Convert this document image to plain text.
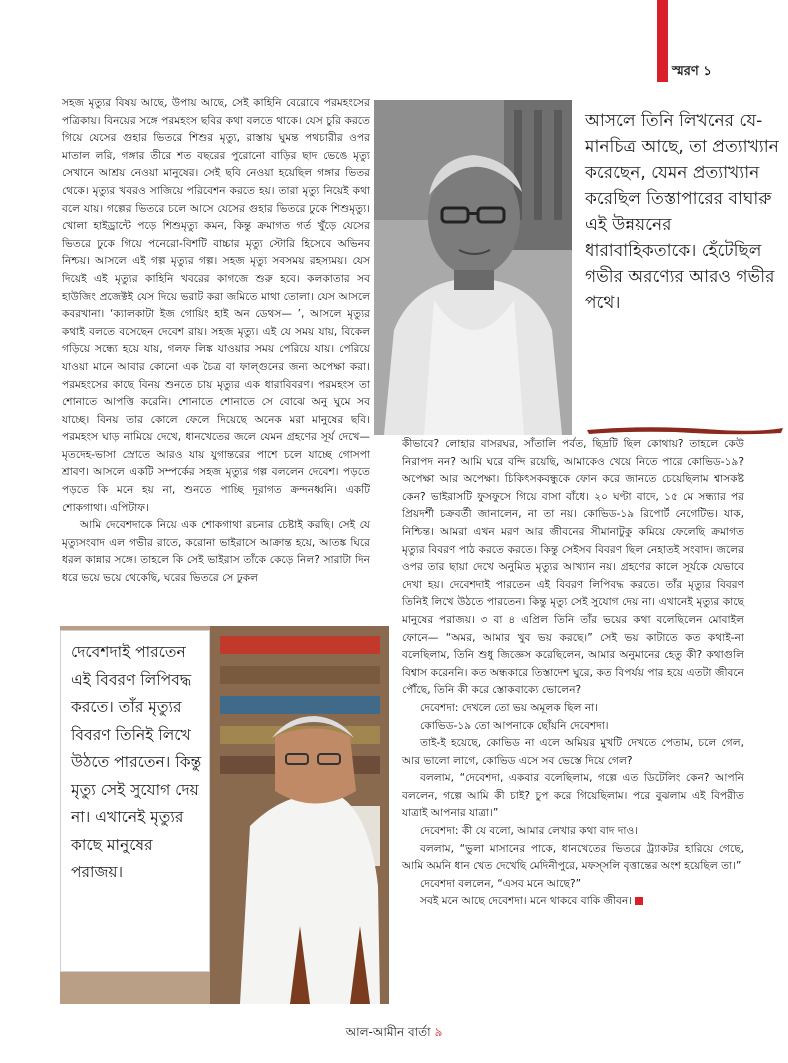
স্মরণ ১

আসলে তিনি লিখনের যে-মানচিত্র আছে, তা প্রত্যাখ্যান করেছেন, যেমন প্রত্যাখ্যান করেছিল তিস্তাপারের বাঘারু এই উন্নয়নের ধারাবাহিকতাকে। হেঁটেছিল গভীর অরণ্যের আরও গভীর পথে।

সহজ মৃত্যুর বিষয় আছে, উপায় আছে, সেই কাহিনি বেরোবে পরমহংসের পত্রিকায়। বিনয়ের সঙ্গে পরমহংস ছবির কথা বলতে থাকে। যেস চুরি করতে গিয়ে যেসের গুহার ভিতরে শিশুর মৃত্যু, রাস্তায় ঘুমন্ত পথচারীর ওপর মাতাল লরি, গঙ্গার তীরে শত বছরের পুরোনো বাড়ির ছাদ ভেঙে মৃত্যু সেখানে আশ্রয় নেওয়া মানুষের। সেই ছবি নেওয়া হয়েছিল গঙ্গার ভিতর থেকে। মৃত্যুর খবরও সাজিয়ে পরিবেশন করতে হয়। তারা মৃত্যু নিয়েই কথা বলে যায়। গল্পের ভিতরে চলে আসে যেসের গুহার ভিতরে ঢুকে শিশুমৃত্যু। খোলা হাইড্রান্টে পড়ে শিশুমৃত্যু কমন, কিন্তু ক্রমাগত গর্ত খুঁড়ে যেসের ভিতরে ঢুকে গিয়ে পনেরো-বিশটি বাচ্চার মৃত্যু স্টোরি হিসেবে অভিনব নিশ্চয়। আসলে এই গল্প মৃত্যুর গল্প। সহজ মৃত্যু সবসময় রহস্যময়। যেস দিয়েই এই মৃত্যুর কাহিনি খবরের কাগজে শুরু হবে। কলকাতার সব হাউজিং প্রজেক্টই যেস দিয়ে ভরাট করা জমিতে মাথা তোলা। যেস আসলে কবরখানা। ‘ক্যালকাটা ইজ গোয়িং হাই অন ডেথস— ’, আসলে মৃত্যুর কথাই বলতে বসেছেন দেবেশ রায়। সহজ মৃত্যু। এই যে সময় যায়, বিকেল গড়িয়ে সন্ধ্যে হয়ে যায়, গলফ লিঙ্ক যাওয়ার সময় পেরিয়ে যায়। পেরিয়ে যাওয়া মানে আবার কোনো এক চৈত্র বা ফাল্গুনের জন্য অপেক্ষা করা। পরমহংসের কাছে বিনয় শুনতে চায় মৃত্যুর এক ধারাবিবরণ। পরমহংস তা শোনাতে আপত্তি করেনি। শোনাতে শোনাতে সে বোঝে অনু ঘুমে সব যাচ্ছে। বিনয় তার কোলে ফেলে দিয়েছে অনেক মরা মানুষের ছবি। পরমহংস ঘাড় নামিয়ে দেখে, ধানখেতের জলে যেমন গ্রহণের সূর্য দেখে— মৃতদেহ-ভাসা স্রোতে আরও যায় যুগান্তরের পাশে চলে যাচ্ছে গোসপা শ্রাবণ। আসলে একটি সম্পর্কের সহজ মৃত্যুর গল্প বললেন দেবেশ। পড়তে পড়তে কি মনে হয় না, শুনতে পাচ্ছি দূরাগত ক্রন্দনধ্বনি। একটি শোকগাথা। এপিটাফ।

আমি দেবেশদাকে নিয়ে এক শোকগাথা রচনার চেষ্টাই করছি। সেই যে মৃত্যুসংবাদ এল গভীর রাতে, করোনা ভাইরাসে আক্রান্ত হয়ে, আতঙ্ক ঘিরে ধরল কান্নার সঙ্গে। তাহলে কি সেই ভাইরাস তাঁকে কেড়ে নিল? সারাটা দিন ধরে ভয়ে ভয়ে থেকেছি, ঘরের ভিতরে সে ঢুকল

কীভাবে? লোহার বাসরঘর, সাঁতালি পর্বত, ছিদ্রটি ছিল কোথায়? তাহলে কেউ নিরাপদ নন? আমি ঘরে বন্দি রয়েছি, আমাকেও খেয়ে নিতে পারে কোভিড-১৯? অপেক্ষা আর অপেক্ষা। চিকিৎসকবন্ধুকে ফোন করে জানতে চেয়েছিলাম শ্বাসকষ্ট কেন? ভাইরাসটি ফুসফুসে গিয়ে বাসা বাঁধে। ২০ ঘণ্টা বাদে, ১৫ মে সন্ধ্যার পর প্রিয়দর্শী চক্রবর্তী জানালেন, না তা নয়। কোভিড-১৯ রিপোর্ট নেগেটিভ। যাক, নিশ্চিন্ত। আমরা এখন মরণ আর জীবনের সীমানাটুকু কমিয়ে ফেলেছি ক্রমাগত মৃত্যুর বিবরণ পাঠ করতে করতে। কিন্তু সেইসব বিবরণ ছিল নেহাতই সংবাদ। জলের ওপর তার ছায়া দেখে অনুমিত মৃত্যুর আখ্যান নয়। গ্রহণের কালে সূর্যকে যেভাবে দেখা হয়। দেবেশদাই পারতেন এই বিবরণ লিপিবদ্ধ করতে। তাঁর মৃত্যুর বিবরণ তিনিই লিখে উঠতে পারতেন। কিন্তু মৃত্যু সেই সুযোগ দেয় না। এখানেই মৃত্যুর কাছে মানুষের পরাজয়। ৩ বা ৪ এপ্রিল তিনি তাঁর ভয়ের কথা বলেছিলেন মোবাইল ফোনে— “অমর, আমার খুব ভয় করছে।” সেই ভয় কাটাতে কত কথাই-না বলেছিলাম, তিনি শুধু জিজ্ঞেস করেছিলেন, আমার অনুমানের হেতু কী? কথাগুলি বিশ্বাস করেননি। কত অন্ধকারে তিস্তাদেশ ঘুরে, কত বিপর্যয় পার হয়ে এতটা জীবনে পৌঁছে, তিনি কী করে স্তোকবাক্যে ভোলেন?

দেবেশদা: দেখলে তো ভয় অমূলক ছিল না।

কোভিড-১৯ তো আপনাকে ছোঁয়নি দেবেশদা।

তাই-ই হয়েছে, কোভিড না এলে অমিয়র মুখটি দেখতে পেতাম, চলে গেল, আর ভালো লাগে, কোভিড এসে সব ভেস্তে দিয়ে গেল?

বললাম, “দেবেশদা, একবার বলেছিলাম, গল্পে এত ডিটেলিং কেন? আপনি বললেন, গল্পে আমি কী চাই? চুপ করে গিয়েছিলাম। পরে বুঝলাম এই বিপরীত যাত্রাই আপনার যাত্রা।”

দেবেশদা: কী যে বলো, আমার লেখার কথা বাদ দাও।

বললাম, “ভুলা মাসানের পাকে, ধানখেতের ভিতরে ট্র্যাকটর হারিয়ে গেছে, আমি অমনি ধান খেত দেখেছি মেদিনীপুরে, মফস্সলি বৃত্তান্তের অংশ হয়েছিল তা।”

দেবেশদা বললেন, “এসব মনে আছে?”

সবই মনে আছে দেবেশদা। মনে থাকবে বাকি জীবন।

দেবেশদাই পারতেন এই বিবরণ লিপিবদ্ধ করতে। তাঁর মৃত্যুর বিবরণ তিনিই লিখে উঠতে পারতেন। কিন্তু মৃত্যু সেই সুযোগ দেয় না। এখানেই মৃত্যুর কাছে মানুষের পরাজয়।

আল-আমীন বার্তা ৯
